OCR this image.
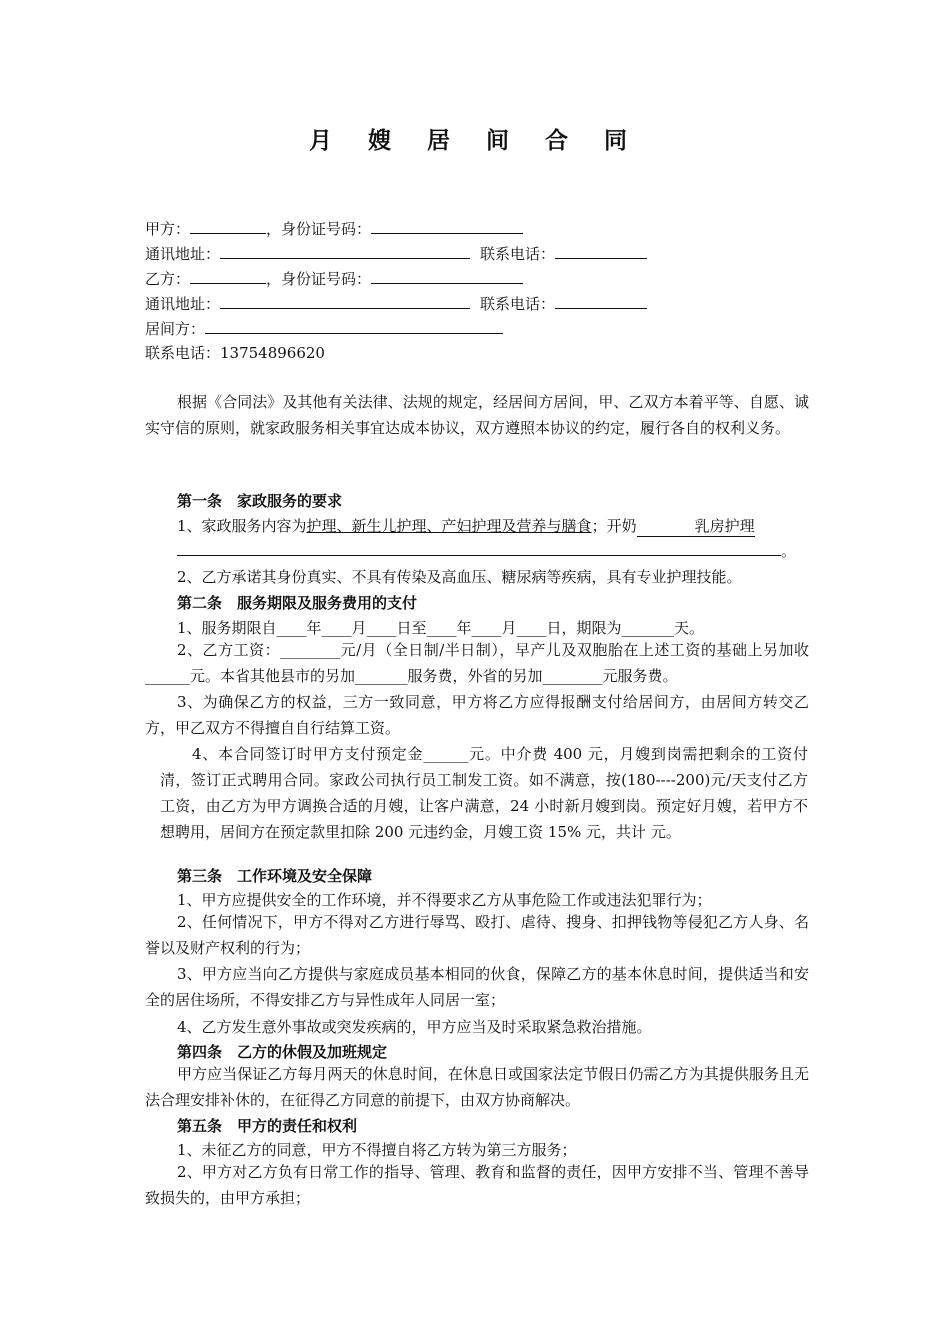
月 嫂 居 间 合 同
甲方：	，身份证号码：
通讯地址：	联系电话：
乙方：	，身份证号码：
通讯地址：	联系电话：
居间方：
联系电话：13754896620
根据《合同法》及其他有关法律、法规的规定，经居间方居间，甲、乙双方本着平等、自愿、诚实守信的原则，就家政服务相关事宜达成本协议，双方遵照本协议的约定，履行各自的权利义务。
第一条　家政服务的要求
1、家政服务内容为护理、新生儿护理、产妇护理及营养与膳食；开奶	乳房护理
。
2、乙方承诺其身份真实、不具有传染及高血压、糖尿病等疾病，具有专业护理技能。
第二条　服务期限及服务费用的支付
1、服务期限自____年____月____日至____年____月____日，期限为_______天。
2、乙方工资：________元/月（全日制/半日制），早产儿及双胞胎在上述工资的基础上另加收______元。本省其他县市的另加_______服务费，外省的另加________元服务费。
3、为确保乙方的权益，三方一致同意，甲方将乙方应得报酬支付给居间方，由居间方转交乙方，甲乙双方不得擅自自行结算工资。
4、本合同签订时甲方支付预定金______元。中介费 400 元，月嫂到岗需把剩余的工资付清，签订正式聘用合同。家政公司执行员工制发工资。如不满意，按(180----200)元/天支付乙方工资，由乙方为甲方调换合适的月嫂，让客户满意，24 小时新月嫂到岗。预定好月嫂，若甲方不想聘用，居间方在预定款里扣除 200 元违约金，月嫂工资 15% 元，共计 元。
第三条　工作环境及安全保障
1、甲方应提供安全的工作环境，并不得要求乙方从事危险工作或违法犯罪行为；
2、任何情况下，甲方不得对乙方进行辱骂、殴打、虐待、搜身、扣押钱物等侵犯乙方人身、名誉以及财产权利的行为；
3、甲方应当向乙方提供与家庭成员基本相同的伙食，保障乙方的基本休息时间，提供适当和安全的居住场所，不得安排乙方与异性成年人同居一室；
4、乙方发生意外事故或突发疾病的，甲方应当及时采取紧急救治措施。
第四条　乙方的休假及加班规定
甲方应当保证乙方每月两天的休息时间，在休息日或国家法定节假日仍需乙方为其提供服务且无法合理安排补休的，在征得乙方同意的前提下，由双方协商解决。
第五条　甲方的责任和权利
1、未征乙方的同意，甲方不得擅自将乙方转为第三方服务；
2、甲方对乙方负有日常工作的指导、管理、教育和监督的责任，因甲方安排不当、管理不善导致损失的，由甲方承担；
